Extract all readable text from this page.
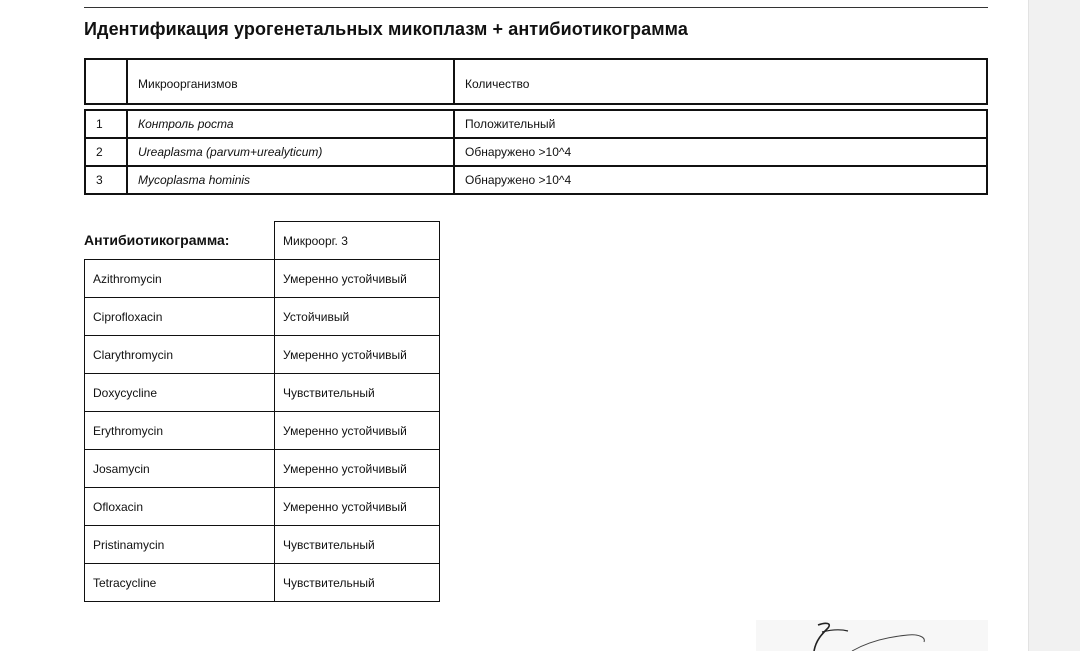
Идентификация урогенетальных микоплазм + антибиотикограмма
	Микроорганизмов	Количество

1	Контроль роста	Положительный
2	Ureaplasma (parvum+urealyticum)	Обнаружено >10^4
3	Mycoplasma hominis	Обнаружено >10^4
Антибиотикограмма:
		Микроорг. 3
Azithromycin	Умеренно устойчивый
Ciprofloxacin	Устойчивый
Clarythromycin	Умеренно устойчивый
Doxycycline	Чувствительный
Erythromycin	Умеренно устойчивый
Josamycin	Умеренно устойчивый
Ofloxacin	Умеренно устойчивый
Pristinamycin	Чувствительный
Tetracycline	Чувствительный
